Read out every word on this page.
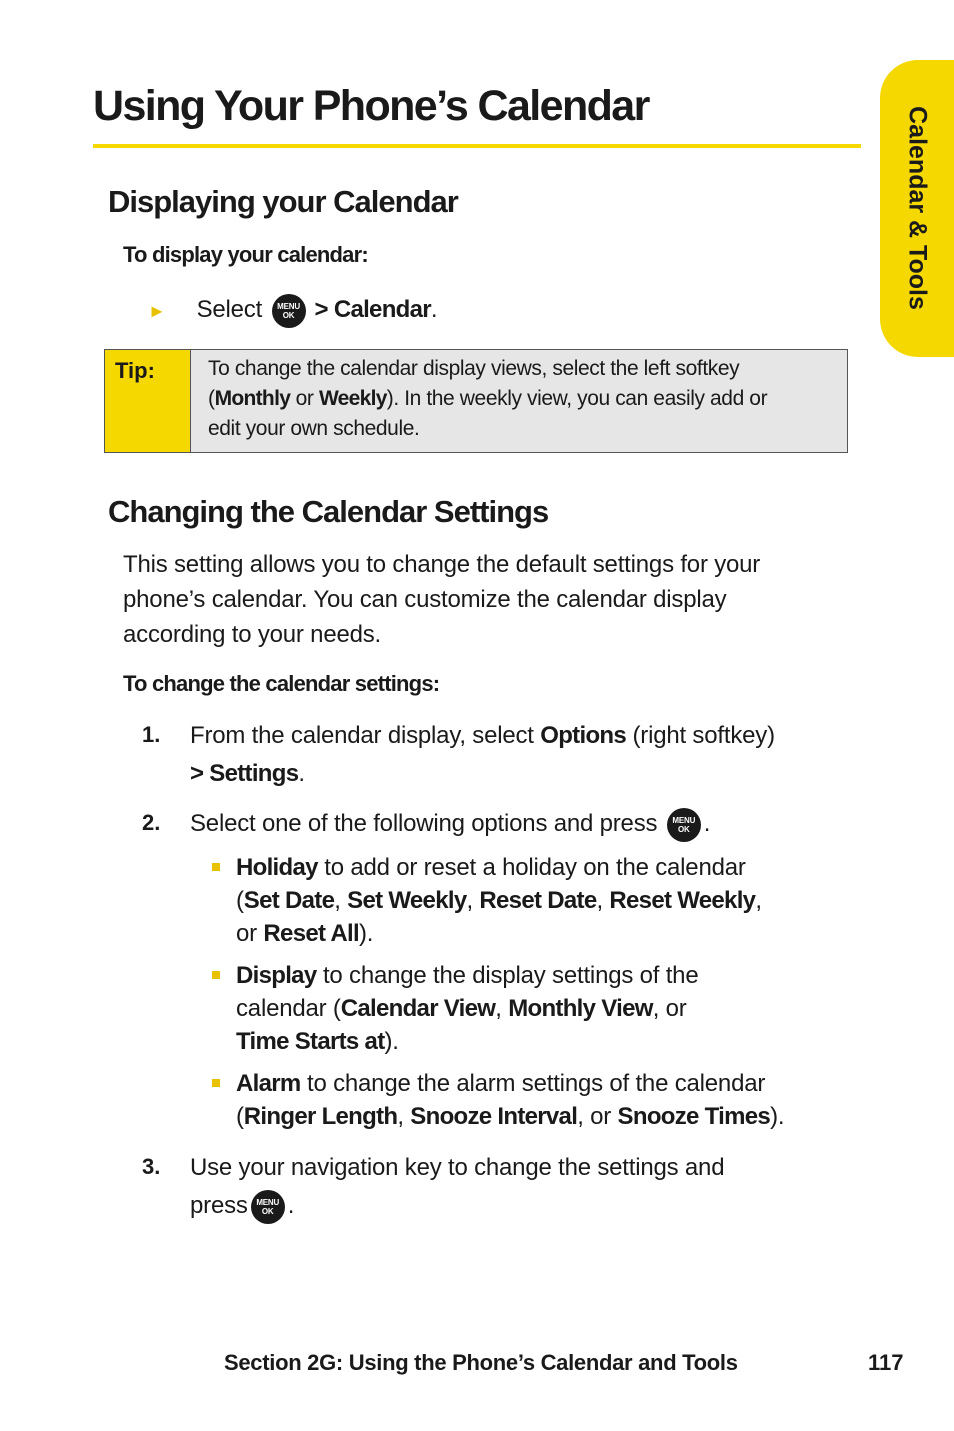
Using Your Phone’s Calendar
Calendar & Tools
Displaying your Calendar
To display your calendar:
► Select MENU
OK > Calendar.
Tip:	To change the calendar display views, select the left softkey
(Monthly or Weekly). In the weekly view, you can easily add or
edit your own schedule.
Changing the Calendar Settings
This setting allows you to change the default settings for your
phone’s calendar. You can customize the calendar display
according to your needs.
To change the calendar settings:
1. From the calendar display, select Options (right softkey)
> Settings.
2. Select one of the following options and press MENU
OK .
Holiday to add or reset a holiday on the calendar
(Set Date, Set Weekly, Reset Date, Reset Weekly,
or Reset All).
Display to change the display settings of the
calendar (Calendar View, Monthly View, or
Time Starts at).
Alarm to change the alarm settings of the calendar
(Ringer Length, Snooze Interval, or Snooze Times).
3. Use your navigation key to change the settings and
press MENU
OK .
Section 2G: Using the Phone’s Calendar and Tools	117
